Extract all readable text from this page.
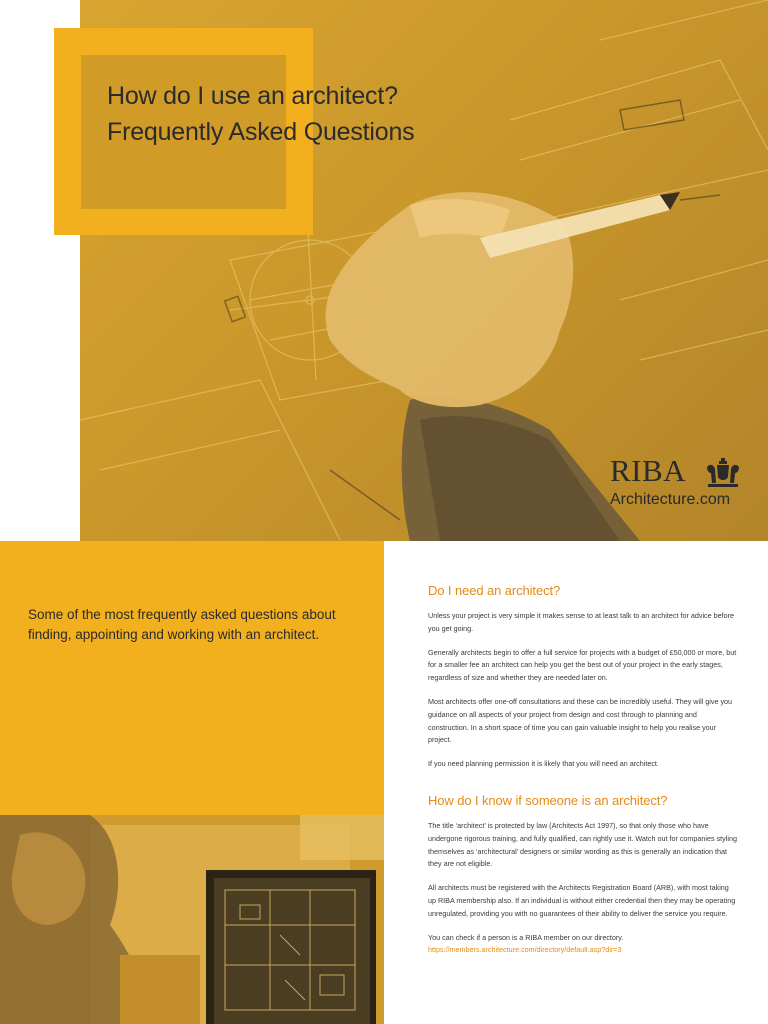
How do I use an architect?
Frequently Asked Questions
RIBA
Architecture.com

Some of the most frequently asked questions about finding, appointing and working with an architect.

Do I need an architect?

Unless your project is very simple it makes sense to at least talk to an architect for advice before you get going.

Generally architects begin to offer a full service for projects with a budget of £50,000 or more, but for a smaller fee an architect can help you get the best out of your project in the early stages, regardless of size and whether they are needed later on.

Most architects offer one-off consultations and these can be incredibly useful. They will give you guidance on all aspects of your project from design and cost through to planning and construction. In a short space of time you can gain valuable insight to help you realise your project.

If you need planning permission it is likely that you will need an architect.

How do I know if someone is an architect?

The title ‘architect’ is protected by law (Architects Act 1997), so that only those who have undergone rigorous training, and fully qualified, can rightly use it. Watch out for companies styling themselves as ‘architectural’ designers or similar wording as this is generally an indication that they are not eligible.

All architects must be registered with the Architects Registration Board (ARB), with most taking up RIBA membership also. If an individual is without either credential then they may be operating unregulated, providing you with no guarantees of their ability to deliver the service you require.

You can check if a person is a RIBA member on our directory.

https://members.architecture.com/directory/default.asp?dir=3
